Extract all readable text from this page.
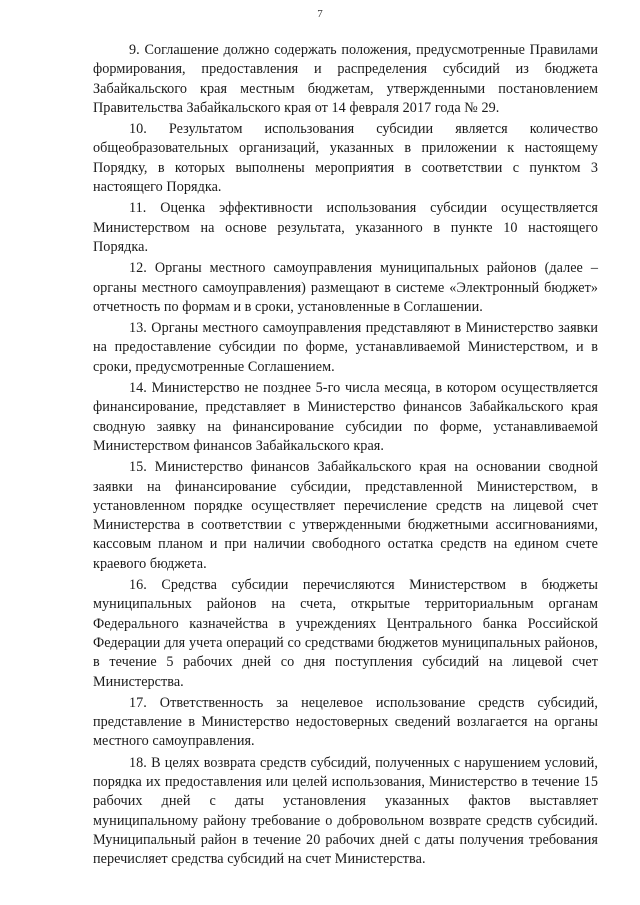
7

9. Соглашение должно содержать положения, предусмотренные Правилами формирования, предоставления и распределения субсидий из бюджета Забайкальского края местным бюджетам, утвержденными постановлением Правительства Забайкальского края от 14 февраля 2017 года № 29.

10. Результатом использования субсидии является количество общеобразовательных организаций, указанных в приложении к настоящему Порядку, в которых выполнены мероприятия в соответствии с пунктом 3 настоящего Порядка.

11. Оценка эффективности использования субсидии осуществляется Министерством на основе результата, указанного в пункте 10 настоящего Порядка.

12. Органы местного самоуправления муниципальных районов (далее – органы местного самоуправления) размещают в системе «Электронный бюджет» отчетность по формам и в сроки, установленные в Соглашении.

13. Органы местного самоуправления представляют в Министерство заявки на предоставление субсидии по форме, устанавливаемой Министерством, и в сроки, предусмотренные Соглашением.

14. Министерство не позднее 5-го числа месяца, в котором осуществляется финансирование, представляет в Министерство финансов Забайкальского края сводную заявку на финансирование субсидии по форме, устанавливаемой Министерством финансов Забайкальского края.

15. Министерство финансов Забайкальского края на основании сводной заявки на финансирование субсидии, представленной Министерством, в установленном порядке осуществляет перечисление средств на лицевой счет Министерства в соответствии с утвержденными бюджетными ассигнованиями, кассовым планом и при наличии свободного остатка средств на едином счете краевого бюджета.

16. Средства субсидии перечисляются Министерством в бюджеты муниципальных районов на счета, открытые территориальным органам Федерального казначейства в учреждениях Центрального банка Российской Федерации для учета операций со средствами бюджетов муниципальных районов, в течение 5 рабочих дней со дня поступления субсидий на лицевой счет Министерства.

17. Ответственность за нецелевое использование средств субсидий, представление в Министерство недостоверных сведений возлагается на органы местного самоуправления.

18. В целях возврата средств субсидий, полученных с нарушением условий, порядка их предоставления или целей использования, Министерство в течение 15 рабочих дней с даты установления указанных фактов выставляет муниципальному району требование о добровольном возврате средств субсидий. Муниципальный район в течение 20 рабочих дней с даты получения требования перечисляет средства субсидий на счет Министерства.
